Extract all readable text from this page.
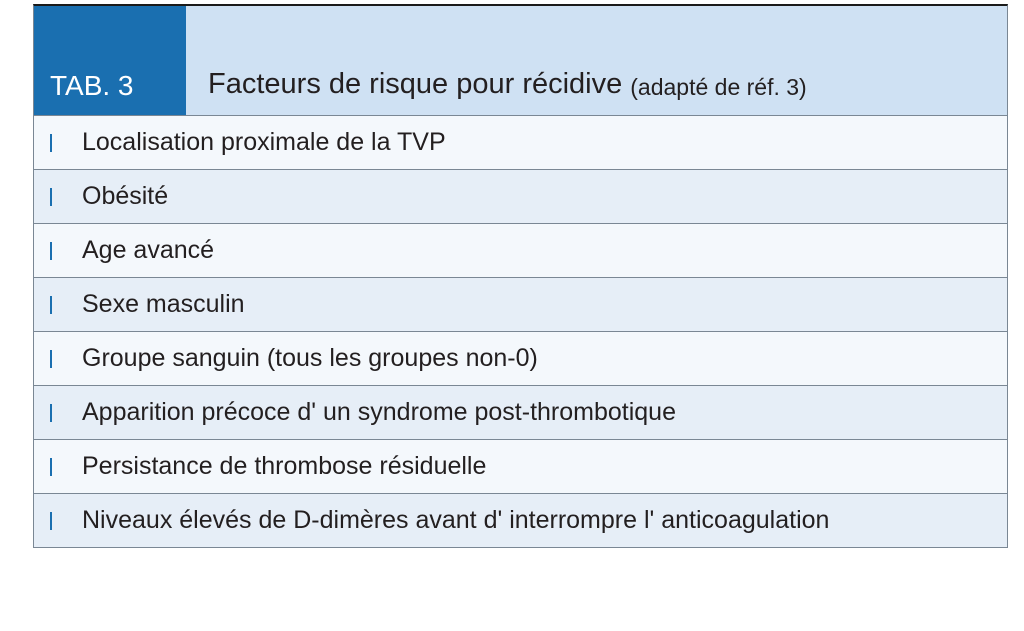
TAB. 3	Facteurs de risque pour récidive (adapté de réf. 3)
Localisation proximale de la TVP
Obésité
Age avancé
Sexe masculin
Groupe sanguin (tous les groupes non-0)
Apparition précoce d' un syndrome post-thrombotique
Persistance de thrombose résiduelle
Niveaux élevés de D-dimères avant d' interrompre l' anticoagulation
